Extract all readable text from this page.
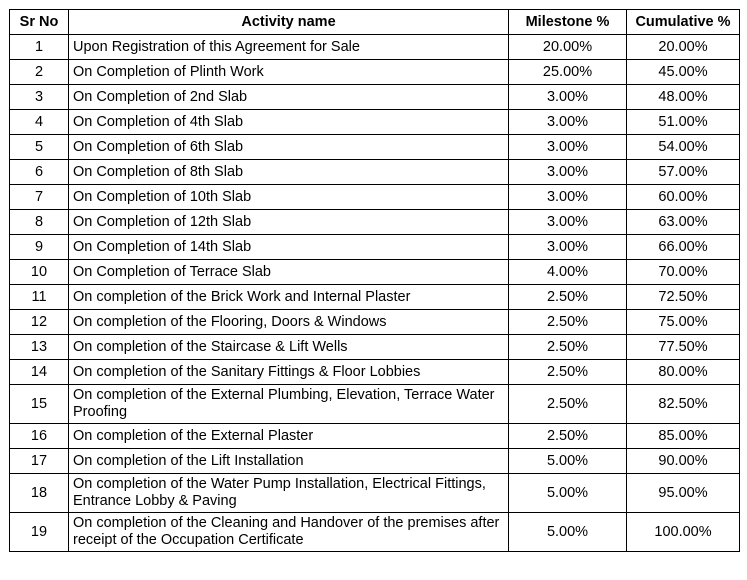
Sr No	Activity name	Milestone %	Cumulative %
1	Upon Registration of this Agreement for Sale	20.00%	20.00%
2	On Completion of Plinth Work	25.00%	45.00%
3	On Completion of 2nd Slab	3.00%	48.00%
4	On Completion of 4th Slab	3.00%	51.00%
5	On Completion of 6th Slab	3.00%	54.00%
6	On Completion of 8th Slab	3.00%	57.00%
7	On Completion of 10th Slab	3.00%	60.00%
8	On Completion of 12th Slab	3.00%	63.00%
9	On Completion of 14th Slab	3.00%	66.00%
10	On Completion of Terrace Slab	4.00%	70.00%
11	On completion of the Brick Work and Internal Plaster	2.50%	72.50%
12	On completion of the Flooring, Doors & Windows	2.50%	75.00%
13	On completion of the Staircase & Lift Wells	2.50%	77.50%
14	On completion of the Sanitary Fittings & Floor Lobbies	2.50%	80.00%
15	On completion of the External Plumbing, Elevation, Terrace Water Proofing	2.50%	82.50%
16	On completion of the External Plaster	2.50%	85.00%
17	On completion of the Lift Installation	5.00%	90.00%
18	On completion of the Water Pump Installation, Electrical Fittings, Entrance Lobby & Paving	5.00%	95.00%
19	On completion of the Cleaning and Handover of the premises after receipt of the Occupation Certificate	5.00%	100.00%
